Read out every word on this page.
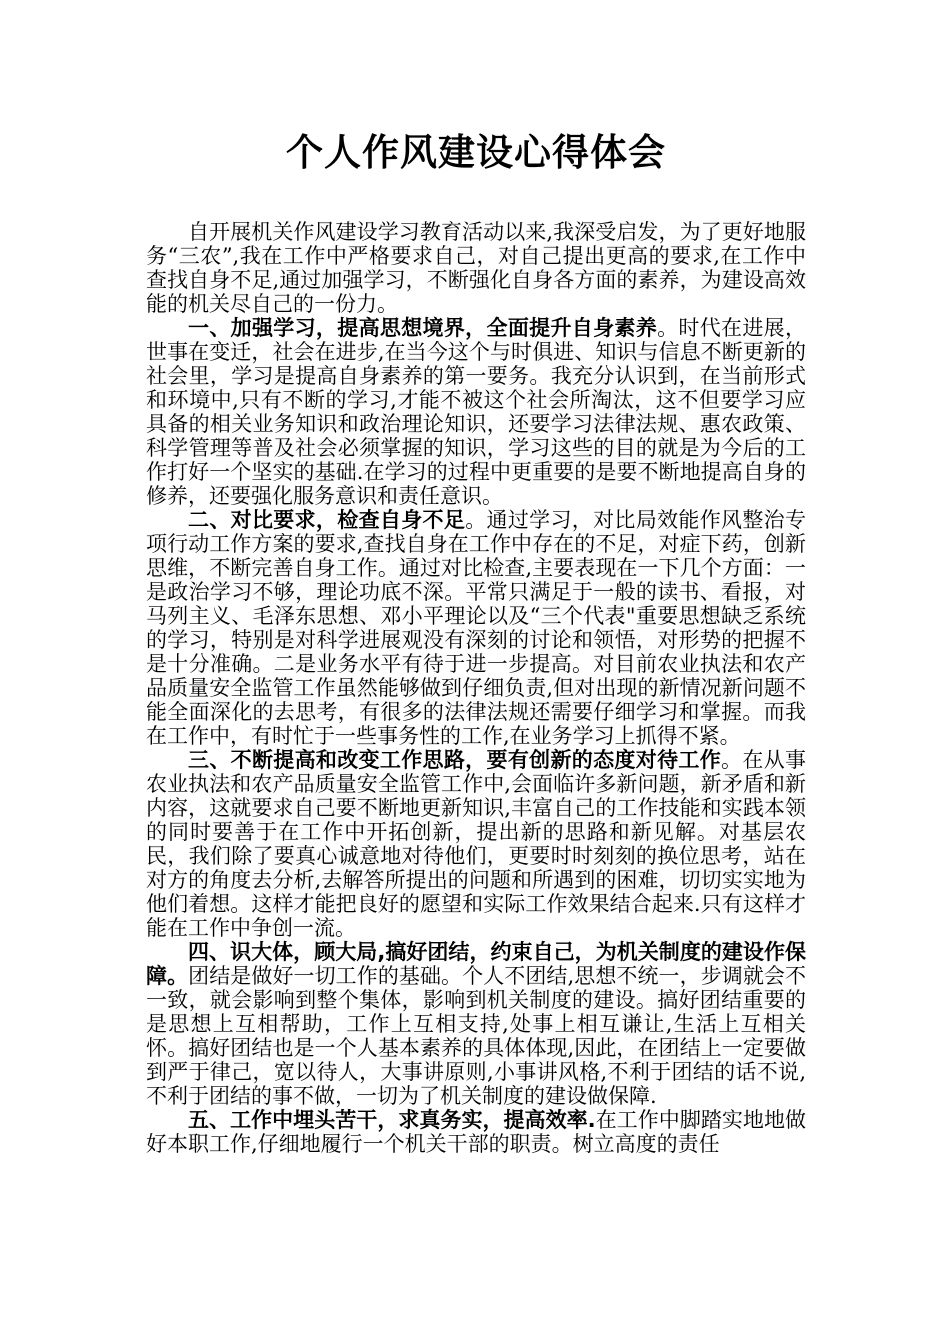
个人作风建设心得体会

自开展机关作风建设学习教育活动以来,我深受启发，为了更好地服务“三农”,我在工作中严格要求自己，对自己提出更高的要求,在工作中查找自身不足,通过加强学习，不断强化自身各方面的素养，为建设高效能的机关尽自己的一份力。

一、加强学习，提高思想境界，全面提升自身素养。时代在进展，世事在变迁，社会在进步,在当今这个与时俱进、知识与信息不断更新的社会里，学习是提高自身素养的第一要务。我充分认识到，在当前形式和环境中,只有不断的学习,才能不被这个社会所淘汰，这不但要学习应具备的相关业务知识和政治理论知识，还要学习法律法规、惠农政策、科学管理等普及社会必须掌握的知识，学习这些的目的就是为今后的工作打好一个坚实的基础.在学习的过程中更重要的是要不断地提高自身的修养，还要强化服务意识和责任意识。

二、对比要求，检查自身不足。通过学习，对比局效能作风整治专项行动工作方案的要求,查找自身在工作中存在的不足，对症下药，创新思维，不断完善自身工作。通过对比检查,主要表现在一下几个方面：一是政治学习不够，理论功底不深。平常只满足于一般的读书、看报，对马列主义、毛泽东思想、邓小平理论以及“三个代表"重要思想缺乏系统的学习，特别是对科学进展观没有深刻的讨论和领悟，对形势的把握不是十分准确。二是业务水平有待于进一步提高。对目前农业执法和农产品质量安全监管工作虽然能够做到仔细负责,但对出现的新情况新问题不能全面深化的去思考，有很多的法律法规还需要仔细学习和掌握。而我在工作中，有时忙于一些事务性的工作,在业务学习上抓得不紧。

三、不断提高和改变工作思路，要有创新的态度对待工作。在从事农业执法和农产品质量安全监管工作中,会面临许多新问题，新矛盾和新内容，这就要求自己要不断地更新知识,丰富自己的工作技能和实践本领的同时要善于在工作中开拓创新，提出新的思路和新见解。对基层农民，我们除了要真心诚意地对待他们，更要时时刻刻的换位思考，站在对方的角度去分析,去解答所提出的问题和所遇到的困难，切切实实地为他们着想。这样才能把良好的愿望和实际工作效果结合起来.只有这样才能在工作中争创一流。

四、识大体，顾大局,搞好团结，约束自己，为机关制度的建设作保障。团结是做好一切工作的基础。个人不团结,思想不统一，步调就会不一致，就会影响到整个集体，影响到机关制度的建设。搞好团结重要的是思想上互相帮助，工作上互相支持,处事上相互谦让,生活上互相关怀。搞好团结也是一个人基本素养的具体体现,因此，在团结上一定要做到严于律己，宽以待人，大事讲原则,小事讲风格,不利于团结的话不说,不利于团结的事不做，一切为了机关制度的建设做保障.

五、工作中埋头苦干，求真务实，提高效率.在工作中脚踏实地地做好本职工作,仔细地履行一个机关干部的职责。树立高度的责任
